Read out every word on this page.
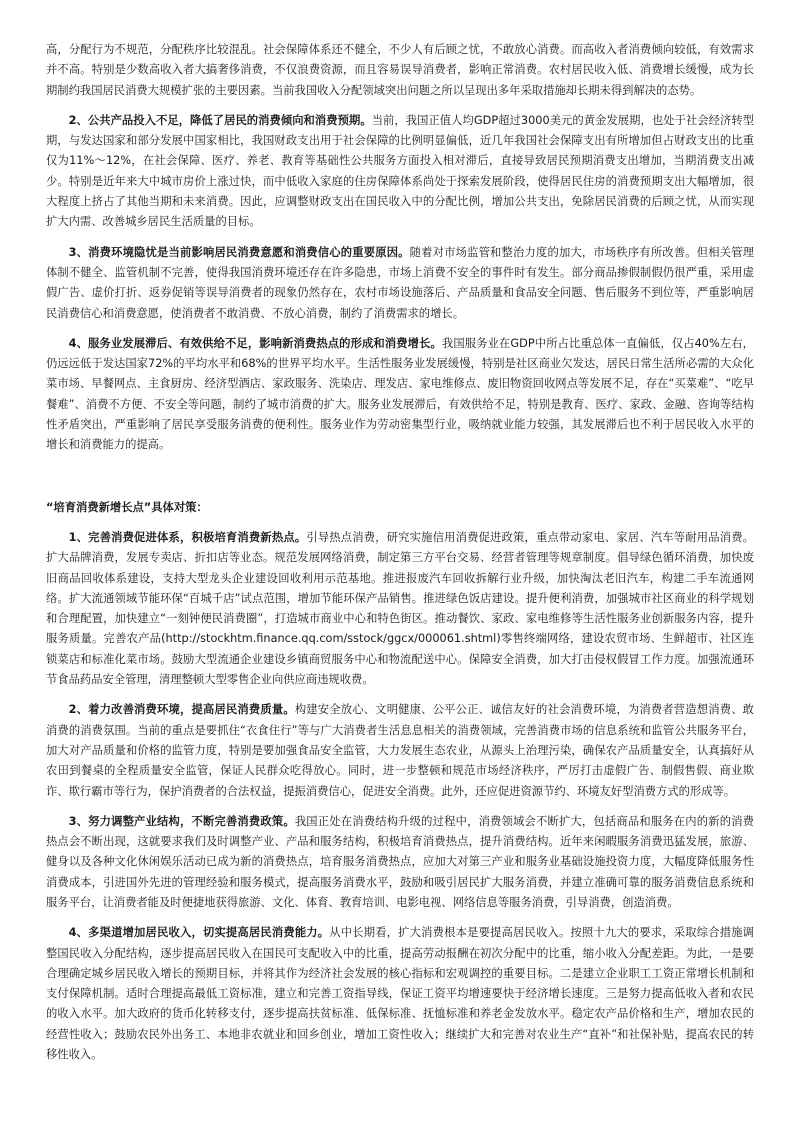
高，分配行为不规范，分配秩序比较混乱。社会保障体系还不健全，不少人有后顾之忧，不敢放心消费。而高收入者消费倾向较低，有效需求并不高。特别是少数高收入者大搞奢侈消费，不仅浪费资源，而且容易误导消费者，影响正常消费。农村居民收入低、消费增长缓慢，成为长期制约我国居民消费大规模扩张的主要因素。当前我国收入分配领域突出问题之所以呈现出多年采取措施却长期未得到解决的态势。

2、公共产品投入不足，降低了居民的消费倾向和消费预期。当前，我国正值人均GDP超过3000美元的黄金发展期，也处于社会经济转型期，与发达国家和部分发展中国家相比，我国财政支出用于社会保障的比例明显偏低，近几年我国社会保障支出有所增加但占财政支出的比重仅为11%～12%，在社会保障、医疗、养老、教育等基础性公共服务方面投入相对滞后，直接导致居民预期消费支出增加，当期消费支出减少。特别是近年来大中城市房价上涨过快，而中低收入家庭的住房保障体系尚处于探索发展阶段，使得居民住房的消费预期支出大幅增加，很大程度上挤占了其他当期和未来消费。因此，应调整财政支出在国民收入中的分配比例，增加公共支出，免除居民消费的后顾之忧，从而实现扩大内需、改善城乡居民生活质量的目标。

3、消费环境隐忧是当前影响居民消费意愿和消费信心的重要原因。随着对市场监管和整治力度的加大，市场秩序有所改善。但相关管理体制不健全、监管机制不完善，使得我国消费环境还存在许多隐患，市场上消费不安全的事件时有发生。部分商品掺假制假仍很严重，采用虚假广告、虚价打折、返券促销等误导消费者的现象仍然存在，农村市场设施落后、产品质量和食品安全问题、售后服务不到位等，严重影响居民消费信心和消费意愿，使消费者不敢消费、不放心消费，制约了消费需求的增长。

4、服务业发展滞后、有效供给不足，影响新消费热点的形成和消费增长。我国服务业在GDP中所占比重总体一直偏低，仅占40%左右，仍远远低于发达国家72%的平均水平和68%的世界平均水平。生活性服务业发展缓慢，特别是社区商业欠发达，居民日常生活所必需的大众化菜市场、早餐网点、主食厨房、经济型酒店、家政服务、洗染店、理发店、家电维修点、废旧物资回收网点等发展不足，存在“买菜难”、“吃早餐难”、消费不方便、不安全等问题，制约了城市消费的扩大。服务业发展滞后，有效供给不足，特别是教育、医疗、家政、金融、咨询等结构性矛盾突出，严重影响了居民享受服务消费的便利性。服务业作为劳动密集型行业，吸纳就业能力较强，其发展滞后也不利于居民收入水平的增长和消费能力的提高。

“培育消费新增长点”具体对策：

1、完善消费促进体系，积极培育消费新热点。引导热点消费，研究实施信用消费促进政策，重点带动家电、家居、汽车等耐用品消费。扩大品牌消费，发展专卖店、折扣店等业态。规范发展网络消费，制定第三方平台交易、经营者管理等规章制度。倡导绿色循环消费，加快废旧商品回收体系建设，支持大型龙头企业建设回收利用示范基地。推进报废汽车回收拆解行业升级，加快淘汰老旧汽车，构建二手车流通网络。扩大流通领域节能环保“百城千店”试点范围，增加节能环保产品销售。推进绿色饭店建设。提升便利消费，加强城市社区商业的科学规划和合理配置，加快建立“一刻钟便民消费圈”，打造城市商业中心和特色街区。推动餐饮、家政、家电维修等生活性服务业创新服务内容，提升服务质量。完善农产品(http://stockhtm.finance.qq.com/sstock/ggcx/000061.shtml)零售终端网络，建设农贸市场、生鲜超市、社区连锁菜店和标准化菜市场。鼓励大型流通企业建设乡镇商贸服务中心和物流配送中心。保障安全消费，加大打击侵权假冒工作力度。加强流通环节食品药品安全管理，清理整顿大型零售企业向供应商违规收费。

2、着力改善消费环境，提高居民消费质量。构建安全放心、文明健康、公平公正、诚信友好的社会消费环境，为消费者营造想消费、敢消费的消费氛围。当前的重点是要抓住“衣食住行”等与广大消费者生活息息相关的消费领域，完善消费市场的信息系统和监管公共服务平台，加大对产品质量和价格的监管力度，特别是要加强食品安全监管，大力发展生态农业，从源头上治理污染，确保农产品质量安全，认真搞好从农田到餐桌的全程质量安全监管，保证人民群众吃得放心。同时，进一步整顿和规范市场经济秩序，严厉打击虚假广告、制假售假、商业欺诈、欺行霸市等行为，保护消费者的合法权益，提振消费信心，促进安全消费。此外，还应促进资源节约、环境友好型消费方式的形成等。

3、努力调整产业结构，不断完善消费政策。我国正处在消费结构升级的过程中，消费领域会不断扩大，包括商品和服务在内的新的消费热点会不断出现，这就要求我们及时调整产业、产品和服务结构，积极培育消费热点，提升消费结构。近年来闲暇服务消费迅猛发展，旅游、健身以及各种文化休闲娱乐活动已成为新的消费热点，培育服务消费热点，应加大对第三产业和服务业基础设施投资力度，大幅度降低服务性消费成本，引进国外先进的管理经验和服务模式，提高服务消费水平，鼓励和吸引居民扩大服务消费，并建立准确可靠的服务消费信息系统和服务平台，让消费者能及时便捷地获得旅游、文化、体育、教育培训、电影电视、网络信息等服务消费，引导消费，创造消费。

4、多渠道增加居民收入，切实提高居民消费能力。从中长期看，扩大消费根本是要提高居民收入。按照十九大的要求，采取综合措施调整国民收入分配结构，逐步提高居民收入在国民可支配收入中的比重，提高劳动报酬在初次分配中的比重，缩小收入分配差距。为此，一是要合理确定城乡居民收入增长的预期目标，并将其作为经济社会发展的核心指标和宏观调控的重要目标。二是建立企业职工工资正常增长机制和支付保障机制。适时合理提高最低工资标准，建立和完善工资指导线，保证工资平均增速要快于经济增长速度。三是努力提高低收入者和农民的收入水平。加大政府的货币化转移支付，逐步提高扶贫标准、低保标准、抚恤标准和养老金发放水平。稳定农产品价格和生产，增加农民的经营性收入；鼓励农民外出务工、本地非农就业和回乡创业，增加工资性收入；继续扩大和完善对农业生产“直补”和社保补贴，提高农民的转移性收入。
